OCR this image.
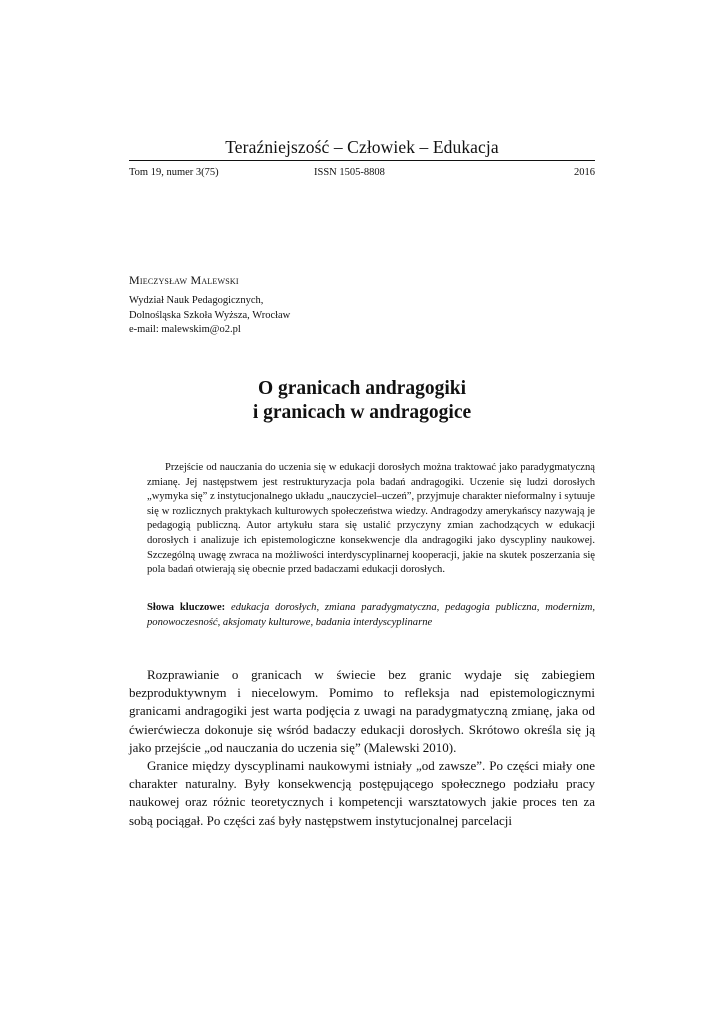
Teraźniejszość – Człowiek – Edukacja
Tom 19, numer 3(75)	ISSN 1505-8808	2016
Mieczysław Malewski
Wydział Nauk Pedagogicznych,
Dolnośląska Szkoła Wyższa, Wrocław
e-mail: malewskim@o2.pl
O granicach andragogiki
i granicach w andragogice

Przejście od nauczania do uczenia się w edukacji dorosłych można traktować jako paradygmatyczną zmianę. Jej następstwem jest restrukturyzacja pola badań andragogiki. Uczenie się ludzi dorosłych „wymyka się” z instytucjonalnego układu „nauczyciel–uczeń”, przyjmuje charakter nieformalny i sytuuje się w rozlicznych praktykach kulturowych społeczeństwa wiedzy. Andragodzy amerykańscy nazywają je pedagogią publiczną. Autor artykułu stara się ustalić przyczyny zmian zachodzących w edukacji dorosłych i analizuje ich epistemologiczne konsekwencje dla andragogiki jako dyscypliny naukowej. Szczególną uwagę zwraca na możliwości interdyscyplinarnej kooperacji, jakie na skutek poszerzania się pola badań otwierają się obecnie przed badaczami edukacji dorosłych.

Słowa kluczowe: edukacja dorosłych, zmiana paradygmatyczna, pedagogia publiczna, modernizm, ponowoczesność, aksjomaty kulturowe, badania interdyscyplinarne

Rozprawianie o granicach w świecie bez granic wydaje się zabiegiem bezproduktywnym i niecelowym. Pomimo to refleksja nad epistemologicznymi granicami andragogiki jest warta podjęcia z uwagi na paradygmatyczną zmianę, jaka od ćwierćwiecza dokonuje się wśród badaczy edukacji dorosłych. Skrótowo określa się ją jako przejście „od nauczania do uczenia się” (Malewski 2010).

Granice między dyscyplinami naukowymi istniały „od zawsze”. Po części miały one charakter naturalny. Były konsekwencją postępującego społecznego podziału pracy naukowej oraz różnic teoretycznych i kompetencji warsztatowych jakie proces ten za sobą pociągał. Po części zaś były następstwem instytucjonalnej parcelacji
